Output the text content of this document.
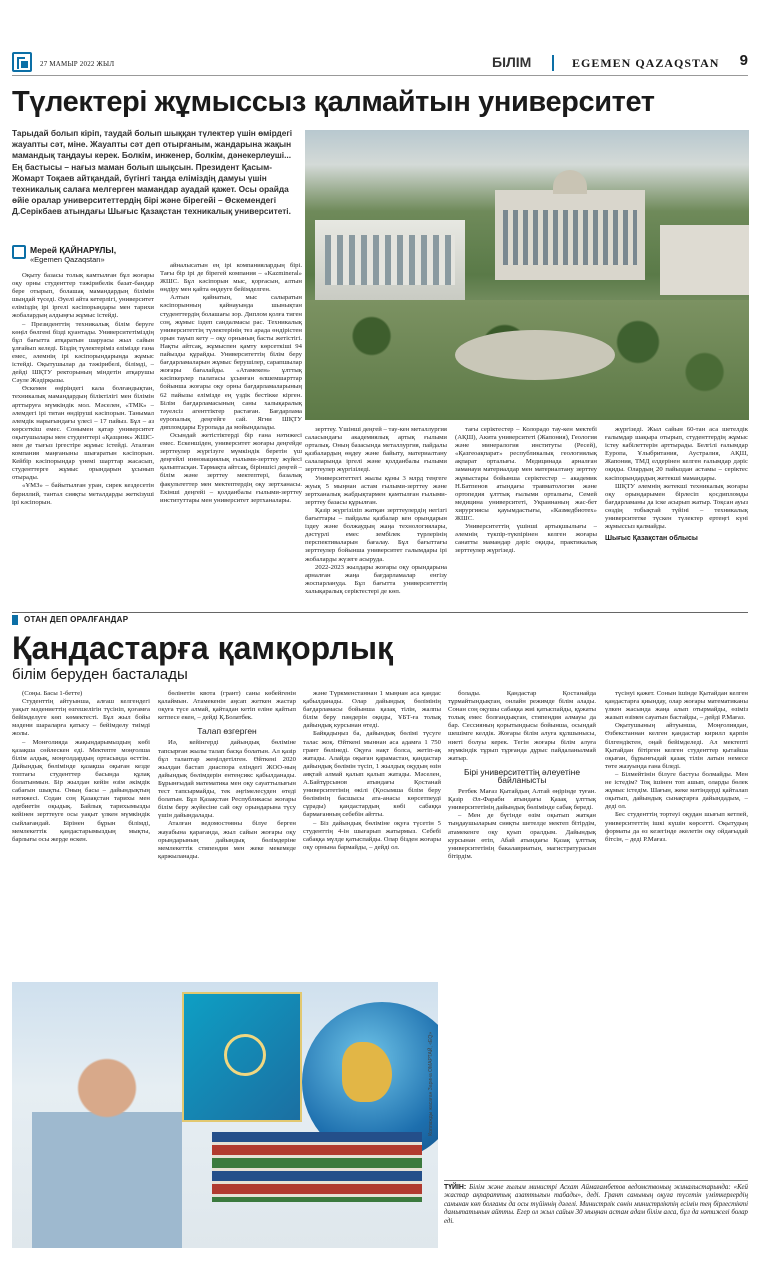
27 МАМЫР 2022 ЖЫЛ	БІЛІМ	EGEMEN QAZAQSTAN 9
Түлектері жұмыссыз қалмайтын университет

Тарыдай болып кіріп, таудай болып шыққан түлектер үшін өмірдегі жауапты сәт, міне. Жауапты сәт деп отырғаным, жандарына жақын мамандық таңдауы керек. Болкім, инженер, болкім, дәнекерлеуші... Ең бастысы – нағыз маман болып шықсын. Президент Қасым-Жомарт Тоқаев айтқандай, бүгінгі таңда еліміздің дамуы үшін техникалық салаға мелгерген мамандар ауадай қажет. Осы орайда өйіе оралар университеттердің бірі және бірегейі – Өскемендегі Д.Серікбаев атындағы Шығыс Қазақстан техникалық университеті.

Мерей ҚАЙНАРҰЛЫ,
«Egemen Qazaqstan»

Оқыту базасы толық камтылған бұл жоғары оқу орны студенттер тәжірибелік базат-бандар бере отырып, болашақ мамандардың білімін шыңдай түседі. Әуелі айта кетерлігі, университет еліміздің ірі іргелі кәсіпорындары мен тарихи жобалардың алдыңғы жұмыс істейді.

– Президенттің техникалық білім беруге көңіл бөлгені бізді қуантады. Университетіміздің бұл бағытта атқаратын шаруасы жыл сайын ұлғайып келеді. Біздің түлектеріміз елімізде ғана емес, әлемнің ірі кәсіпорындарында жұмыс істейді. Оқытушылар да тәжірибелі, білімді, – дейді ШҚТУ ректорының міндетін атқарушы Сәуле Жәдірқызы.

Өскемен өңіріндегі кала болғандықтан, техникалық мамандардың біліктілігі мен білімін арттыруға мүмкіндік мол. Мәселен, «ТМК» – әлемдегі ірі титан өндіруші кәсіпорын. Танымал әлемдік нарығындағы үлесі – 17 пайыз. Бұл – аз көрсеткіш емес. Сонымен қатар университет оқытушылары мен студенттері «Қазцинк» ЖШС-мен де тығыз іргестіре жұмыс істейді. Аталған компания маңғаныны шығаратын кәсіпорын. Кейбір кәсіпорындар үнемі шарттар жасасып, студенттерге жұмыс орындарын ұсынып отырады.

«ҰМЗ» – байытылған уран, сирек кездесетін бериллий, тантал сияқты металдарды жеткізуші ірі кәсіпорын.

айналысатын ең ірі компаниялардың бірі. Тағы бір ірі де бірегей компания – «Kazmineral» ЖШС. Бұл кәсіпорын мыс, қорғасын, алтын өндіру мен қайта өңдеуге бейімделген.

Алтын қайнатын, мыс салыратын кәсіпорынның қайнауында шынықтан студенттердің болашағы зор. Диплом қолға тиген соң, жұмыс іздеп сандалмасы рас. Техникалық университеттің түлектерінің тез арада өндірістен орын тауып кету – оқу орнының басты жетістігі. Нақты айтсақ, жұмыспен қамту көрсеткіші 94 пайызды құрайды. Университеттің білім беру бағдарламаларын жұмыс берушілер, сарапшылар жоғары бағалайды. «Атамекен» ұлттық кәсіпкерлер палатасы ұсынған өлшемшарттар бойынша жоғары оқу орны бағдарламаларының 62 пайызы елімізде ең үздік бестікке кірген. Білім бағдарламасының саны халықаралық тәуелсіз агенттіктер растаған. Бағдарлама еуропалық деңгейге сай. Ягни ШҚТУ дипломдары Еуропада да мойындалады.

Осындай жетістіктерді бір ғана нәтижесі емес. Ескеншіден, университет жоғары деңгейде зерттеулер жүргізуге мүмкіндік беретін үш деңгейлі инновациялық ғылыми-зерттеу жүйесі қалыптасқан. Тармақта айтсақ, біріншісі деңгей – білім және зерттеу мектептері, базалық факультеттер мен мектептердің оқу зертханасы. Екінші деңгейі – қолданбалы ғылыми-зерттеу институттары мен университет зертханалары.

зерттеу. Үшінші деңгей – тау-кен металлургия саласындағы академиялық артық ғылыми орталық. Оның базасында металлургия, пайдалы қазбалардың өңдеу және байыту, материалтану салаларында іргелі және қолданбалы ғылыми зерттеулер жүргізіледі.

Университеттегі жылы құны 3 млрд теңгеге жуық 5 мыңнан астам ғылыми-зерттеу және зертханалық жабдықтармен қамтылған ғылыми-зерттеу базасы құрылған.

Қазір жүргізіліп жатқан зерттеулердің негізгі бағыттары – пайдалы қазбалар кен орындарын іздеу және болжаудың жаңа технологиялары, дәстүрлі емес зембілек түрлерінің перспективаларын бағалау. Бұл бағыттағы зерттеулер бойынша университет галымдары ірі жобаларды жүзеге асыруда.

2022-2023 жылдары жоғары оқу орындарына арналған жаңа бағдарламалар енгізу жоспарлануда. Бұл бағытта университеттің халықаралық серіктестері де көп.

тағы серіктестер – Колорадо тау-кен мектебі (АҚШ), Акита университеті (Жапония), Геология және минералогия институты (Ресей), «Қазгеоақпарат» республикалық геологиялық ақпарат орталығы. Медицинада арналған заманауи материалдар мен материалтану зерттеу жұмыстары бойынша серіктестер – академик Н.Батпенов атындағы травматология және ортопедия ұлттық ғылыми орталығы, Семей медицина университеті, Украинаның жас-бет хирургиясы қауымдастығы, «Казмедбиотех» ЖШС.

Университеттің үшінші артықшылығы – әлемнің түкпір-түкпірінен келген жоғары санатты мамандар дәріс оқиды, практикалық зерттеулер жүргізеді.

жүргізеді. Жыл сайын 60-тан аса шетелдік ғалымдар шақыра отырып, студенттердің жұмыс істеу кабілеттерін арттырады. Белгілі ғалымдар Еуропа, Ұлыбритания, Аустралия, АҚШ, Жапония, ТМД елдерінен келген ғалымдар дәріс оқиды. Олардың 20 пайыздан астамы – серіктес кәсіпорындардың жетекші мамандары.

ШҚТУ әлемнің жетекші техникалық жоғары оқу орындарымен бірлесіп қосдипломды бағдарламаны да іске асырып жатыр. Тоқсан ауыз сөздің тобықтай түйіні – техникалық университетке түскен түлектер ертеңгі күні жұмыссыз қалмайды.

Шығыс Қазақстан облысы

ОТАН ДЕП ОРАЛҒАНДАР
Қандастарға қамқорлық
білім беруден басталады

(Соңы. Басы 1-бетте)

Студенттің айтуынша, алғаш келгендегі уақыт мәдениеттің өзгешелігін түсініп, қоғамға бейімделуге көп көмектесті. Бұл жыл бойы мәдени шараларға қатысу – бейімделу тиімді жолы.

– Монғолияда жақындарымыздың көбі қазақша сөйлескен еді. Мектепте моңғолша білім алдық, моңғолдардың ортасында өсттім. Дайындық бөлімінде қазақша оқыған кезде топтағы студенттер басында құлақ болатынмын. Бір жылдан кейін өзім әкімдік сабағын шықты. Оның басы – дайындықтың нәтижесі. Содан соң Қазақстан тарихы мен әдебиетін оқыдық. Байлық тарихымызды кейінен зерттеуге осы уақыт үлкен мүмкіндік сыйлағандай. Бірінен бұрын білімді, мемлекеттік қандастарымыздың мықты, барлығы осы жерде өскен.

бөлінетін квота (грант) саны көбейгенін қалаймын. Атамекенін аңсап жеткен жастар оқуға түсе алмай, қайтадан кетіп еліне қайтып кетпесе екен, – дейді Қ.Болатбек.

Талап өзгерген

Иә, кейінгерді дайындық бөліміне тапсырған жылы талап басқа болатын. Ал қазір бұл талаптар жеңілдетілген. Өйткені 2020 жылдан бастап диаспора еліндегі ЖОО-ның дайындық бөлімдерін ентеңсикс қабылданады. Бұрынғыдай математика мен оқу сауаттылығын тест тапсырмайды, тек әңгімелесуден өтеді болатын. Бұл Қазақстан Республикасы жоғары білім беру жүйесіне сай оқу орындарына түсу үшін дайындалады.

Аталған ведомостөвны білуе берген жауабына қарағанда, жыл сайын жоғары оқу орындарының дайындық бөлімдеріне мемлекеттік стипендия мен жеке мекемеде қаржыланады.

және Түркменстаннан 1 мыңнан аса қандас қабылданады. Олар дайындық бөлімінің бағдарламасы бойынша қазақ тілін, жалпы білім беру пәндерін оқиды, ҰБТ-ға толық дайындық курсынан өтеді.

Байқадыңыз ба, дайындық бөлімі түсуге талас жоқ. Өйткені мыннан аса адамға 1 750 грант бөлінеді. Оқуға нақт болса, жетіп-ақ жатады. Алайда оқыған қарамастан, қандастар дайындық бөлімін түсіп, 1 жылдық оқудың өзін аяқтай алмай қалып қалып жатады. Мәселен, А.Байтұрсынов атындағы Қостанай университетінің өкілі (Қосымша білім беру бөлімінің басшысы ата-анасы көрсетпеуді сұрады) қандастардың көбі сабаққа бармағанның себебін айтты.

– Біз дайындық бөліміне оқуға түсетін 5 студенттің 4-ін шығарып жатырмыз. Себебі сабаққа мүлде қатыспайды. Олар бізден жоғары оқу орнына бармайды, – дейді ол.

болады. Қандастар Қостанайда тұрмайтындықтан, онлайн режимде білім алады. Сонан соң оқушы сабаққа жиі қатыспайды, құжаты толық емес болғандықтан, стипендия алмауы да бар. Сессияның қорытындысы бойынша, осындай шешімге келдік. Жоғары білім алуға құлшынысы, ниеті болуы керек. Тегін жоғары білім алуға мүмкіндік тұрып тұрғанда дұрыс пайдаланылмай жатыр.

Бірі университеттің әлеуетіне байланысты

Ретбек Мағаз Қытайдың Алтай өңірінде туған. Қазір Әл-Фараби атындағы Қазақ ұлттық университетінің дайындық бөлімінде сабақ береді.

– Мен де бүгінде өзім оқытып жатқан тыңдаушыларым сияқты шетелде мектеп бітірдім, атамекенге оқу қуып оралдым. Дайындық курсынан өтіп, Абай атындағы Қазақ ұлттық университетінің бакалавриатын, магистратурасын бітірдім.

түсінуі қажет. Сонын ішінде Қытайдан келген қандастарға қиындау, олар жоғары математиканы үлкен жасында жаңа алып отырмайды, өзіміз жазып өзімен сауатын бастайды, – дейді Р.Мағаз.

Оқытушының айтуынша, Моңғолиядан, Өзбекстаннан келген қандастар кирилл қарпін білгендіктен, оңай бейімделеді. Ал мектепті Қытайдан бітірген келген студенттер қытайша оқыған, бұрынғыдай қазақ тілін латын немесе төте жазуында ғана біледі.

– Білмейтінін білуге бастуы болмайды. Мен не істедім? Тоқ ішінен топ ашып, оларды бөлек жұмыс істедім. Шағын, жеке мәтіндерді қайталап оқытып, дайындық сынақтарға дайындадым, – деді ол.

Бес студенттің тортеуі оқудан шығып кетпей, университеттің ішкі күшін көрсетті. Оқытудың форматы да өз кезегінде әкелетін оқу ойдағыдай бітсін, – деді Р.Мағаз.

Коллажды жасаған Зарина ОМАРТАЙ, «EQ»
ТҮЙІН: Білім және ғылым министрі Асхат Аймағамбетов ведомствоның жиналыстарында: «Кей жастар ақпараттық азаттығын табады», деді. Грант санының оқуға түсетін үміткерлердің санынан көп болғаны да осы түйіннің дәлелі. Министрлік сөнін министрліктің есімін тең бірлестікті дамытатынын айтты. Егер ол жыл сайын 30 мыңнан астам адам білім алса, бұл да нәтижелі болар еді.
